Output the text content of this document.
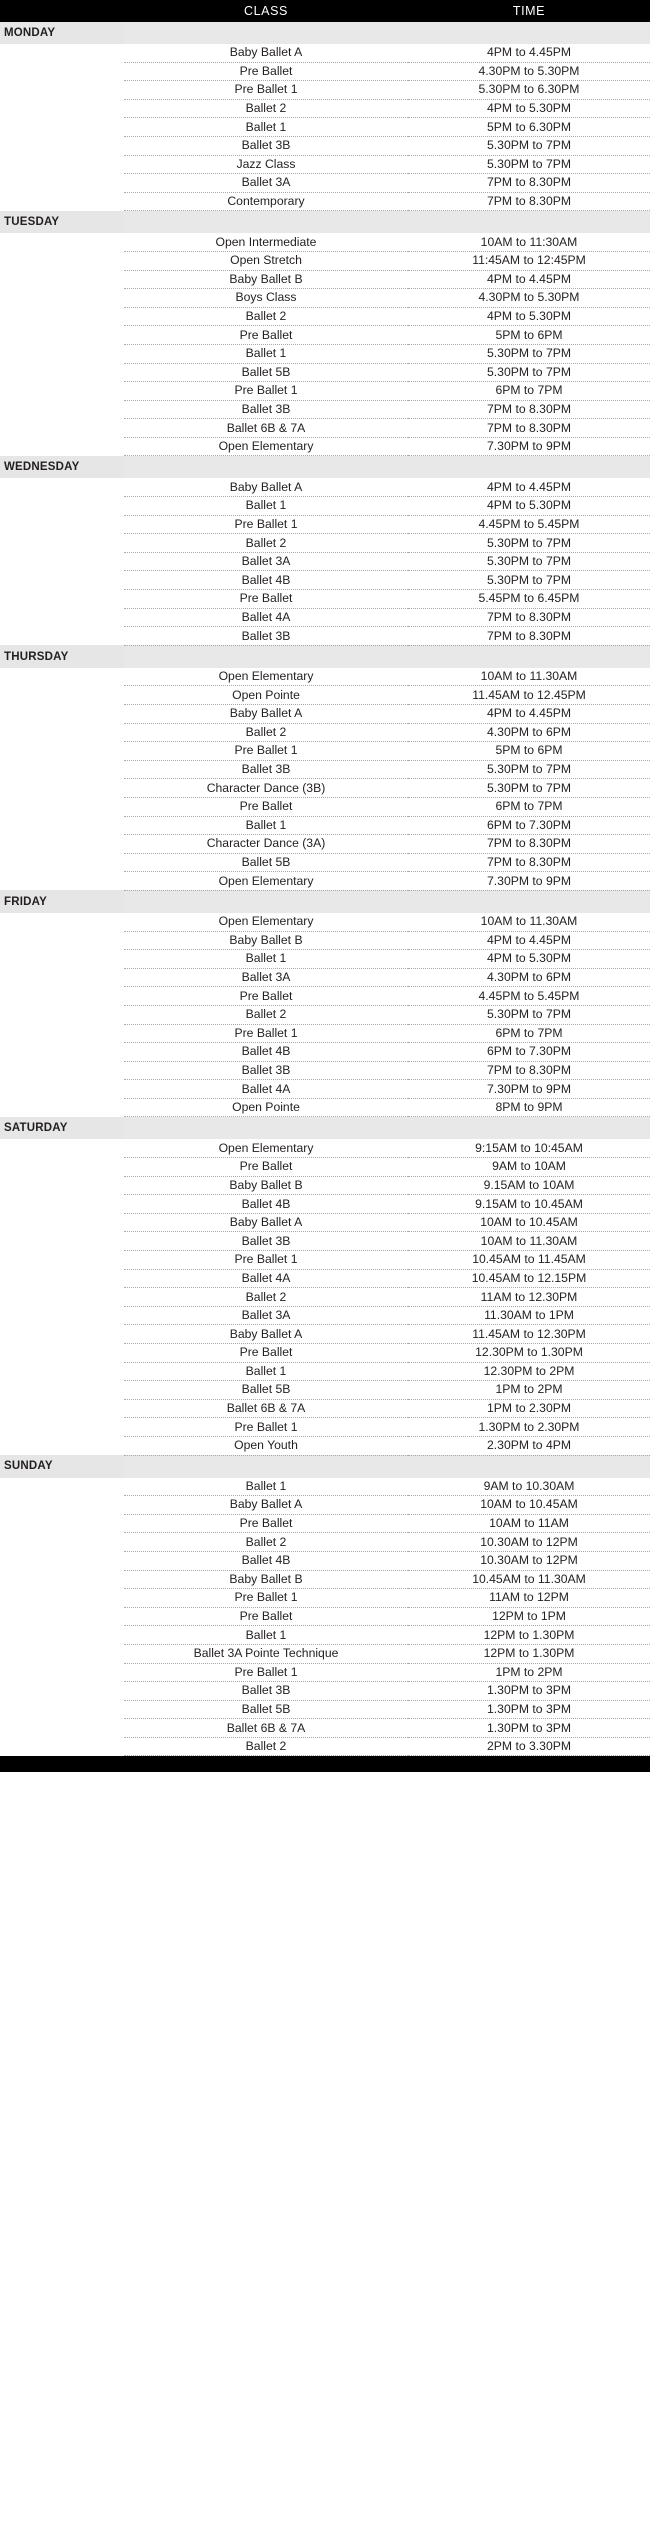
	CLASS	TIME
MONDAY		
	Baby Ballet A	4PM to 4.45PM
	Pre Ballet	4.30PM to 5.30PM
	Pre Ballet 1	5.30PM to 6.30PM
	Ballet 2	4PM to 5.30PM
	Ballet 1	5PM to 6.30PM
	Ballet 3B	5.30PM to 7PM
	Jazz Class	5.30PM to 7PM
	Ballet 3A	7PM to 8.30PM
	Contemporary	7PM to 8.30PM
TUESDAY		
	Open Intermediate	10AM to 11:30AM
	Open Stretch	11:45AM to 12:45PM
	Baby Ballet B	4PM to 4.45PM
	Boys Class	4.30PM to 5.30PM
	Ballet 2	4PM to 5.30PM
	Pre Ballet	5PM to 6PM
	Ballet 1	5.30PM to 7PM
	Ballet 5B	5.30PM to 7PM
	Pre Ballet 1	6PM to 7PM
	Ballet 3B	7PM to 8.30PM
	Ballet 6B & 7A	7PM to 8.30PM
	Open Elementary	7.30PM to 9PM
WEDNESDAY		
	Baby Ballet A	4PM to 4.45PM
	Ballet 1	4PM to 5.30PM
	Pre Ballet 1	4.45PM to 5.45PM
	Ballet 2	5.30PM to 7PM
	Ballet 3A	5.30PM to 7PM
	Ballet 4B	5.30PM to 7PM
	Pre Ballet	5.45PM to 6.45PM
	Ballet 4A	7PM to 8.30PM
	Ballet 3B	7PM to 8.30PM
THURSDAY		
	Open Elementary	10AM to 11.30AM
	Open Pointe	11.45AM to 12.45PM
	Baby Ballet A	4PM to 4.45PM
	Ballet 2	4.30PM to 6PM
	Pre Ballet 1	5PM to 6PM
	Ballet 3B	5.30PM to 7PM
	Character Dance (3B)	5.30PM to 7PM
	Pre Ballet	6PM to 7PM
	Ballet 1	6PM to 7.30PM
	Character Dance (3A)	7PM to 8.30PM
	Ballet 5B	7PM to 8.30PM
	Open Elementary	7.30PM to 9PM
FRIDAY		
	Open Elementary	10AM to 11.30AM
	Baby Ballet B	4PM to 4.45PM
	Ballet 1	4PM to 5.30PM
	Ballet 3A	4.30PM to 6PM
	Pre Ballet	4.45PM to 5.45PM
	Ballet 2	5.30PM to 7PM
	Pre Ballet 1	6PM to 7PM
	Ballet 4B	6PM to 7.30PM
	Ballet 3B	7PM to 8.30PM
	Ballet 4A	7.30PM to 9PM
	Open Pointe	8PM to 9PM
SATURDAY		
	Open Elementary	9:15AM to 10:45AM
	Pre Ballet	9AM to 10AM
	Baby Ballet B	9.15AM to 10AM
	Ballet 4B	9.15AM to 10.45AM
	Baby Ballet A	10AM to 10.45AM
	Ballet 3B	10AM to 11.30AM
	Pre Ballet 1	10.45AM to 11.45AM
	Ballet 4A	10.45AM to 12.15PM
	Ballet 2	11AM to 12.30PM
	Ballet 3A	11.30AM to 1PM
	Baby Ballet A	11.45AM to 12.30PM
	Pre Ballet	12.30PM to 1.30PM
	Ballet 1	12.30PM to 2PM
	Ballet 5B	1PM to 2PM
	Ballet 6B & 7A	1PM to 2.30PM
	Pre Ballet 1	1.30PM to 2.30PM
	Open Youth	2.30PM to 4PM
SUNDAY		
	Ballet 1	9AM to 10.30AM
	Baby Ballet A	10AM to 10.45AM
	Pre Ballet	10AM to 11AM
	Ballet 2	10.30AM to 12PM
	Ballet 4B	10.30AM to 12PM
	Baby Ballet B	10.45AM to 11.30AM
	Pre Ballet 1	11AM to 12PM
	Pre Ballet	12PM to 1PM
	Ballet 1	12PM to 1.30PM
	Ballet 3A Pointe Technique	12PM to 1.30PM
	Pre Ballet 1	1PM to 2PM
	Ballet 3B	1.30PM to 3PM
	Ballet 5B	1.30PM to 3PM
	Ballet 6B & 7A	1.30PM to 3PM
	Ballet 2	2PM to 3.30PM
